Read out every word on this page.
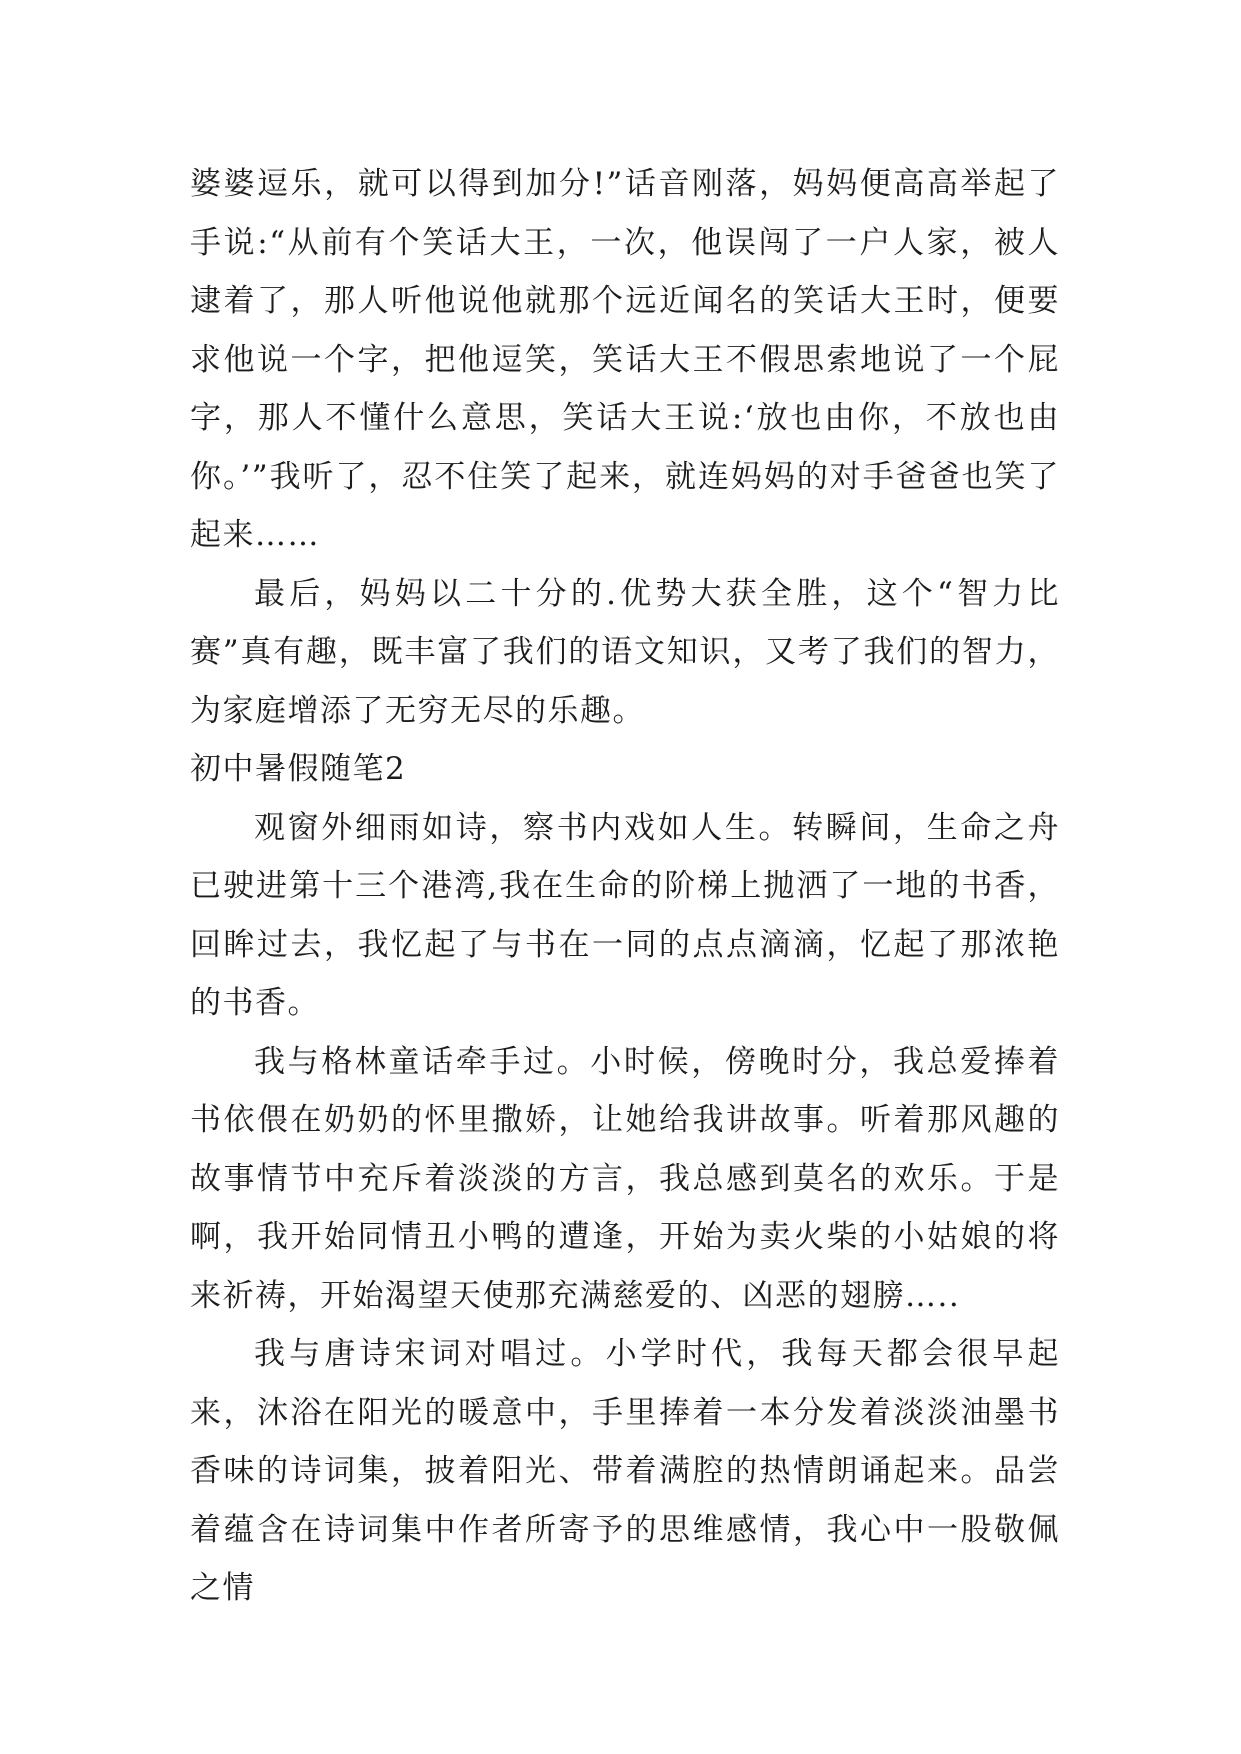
婆婆逗乐，就可以得到加分!”话音刚落，妈妈便高高举起了手说:“从前有个笑话大王，一次，他误闯了一户人家，被人逮着了，那人听他说他就那个远近闻名的笑话大王时，便要求他说一个字，把他逗笑，笑话大王不假思索地说了一个屁字，那人不懂什么意思，笑话大王说:‘放也由你，不放也由你。’”我听了，忍不住笑了起来，就连妈妈的对手爸爸也笑了起来……

最后，妈妈以二十分的.优势大获全胜，这个“智力比赛”真有趣，既丰富了我们的语文知识，又考了我们的智力，为家庭增添了无穷无尽的乐趣。

初中暑假随笔2

观窗外细雨如诗，察书内戏如人生。转瞬间，生命之舟已驶进第十三个港湾,我在生命的阶梯上抛洒了一地的书香，回眸过去，我忆起了与书在一同的点点滴滴，忆起了那浓艳的书香。

我与格林童话牵手过。小时候，傍晚时分，我总爱捧着书依偎在奶奶的怀里撒娇，让她给我讲故事。听着那风趣的故事情节中充斥着淡淡的方言，我总感到莫名的欢乐。于是啊，我开始同情丑小鸭的遭逢，开始为卖火柴的小姑娘的将来祈祷，开始渴望天使那充满慈爱的、凶恶的翅膀…..

我与唐诗宋词对唱过。小学时代，我每天都会很早起来，沐浴在阳光的暖意中，手里捧着一本分发着淡淡油墨书香味的诗词集，披着阳光、带着满腔的热情朗诵起来。品尝着蕴含在诗词集中作者所寄予的思维感情，我心中一股敬佩之情
